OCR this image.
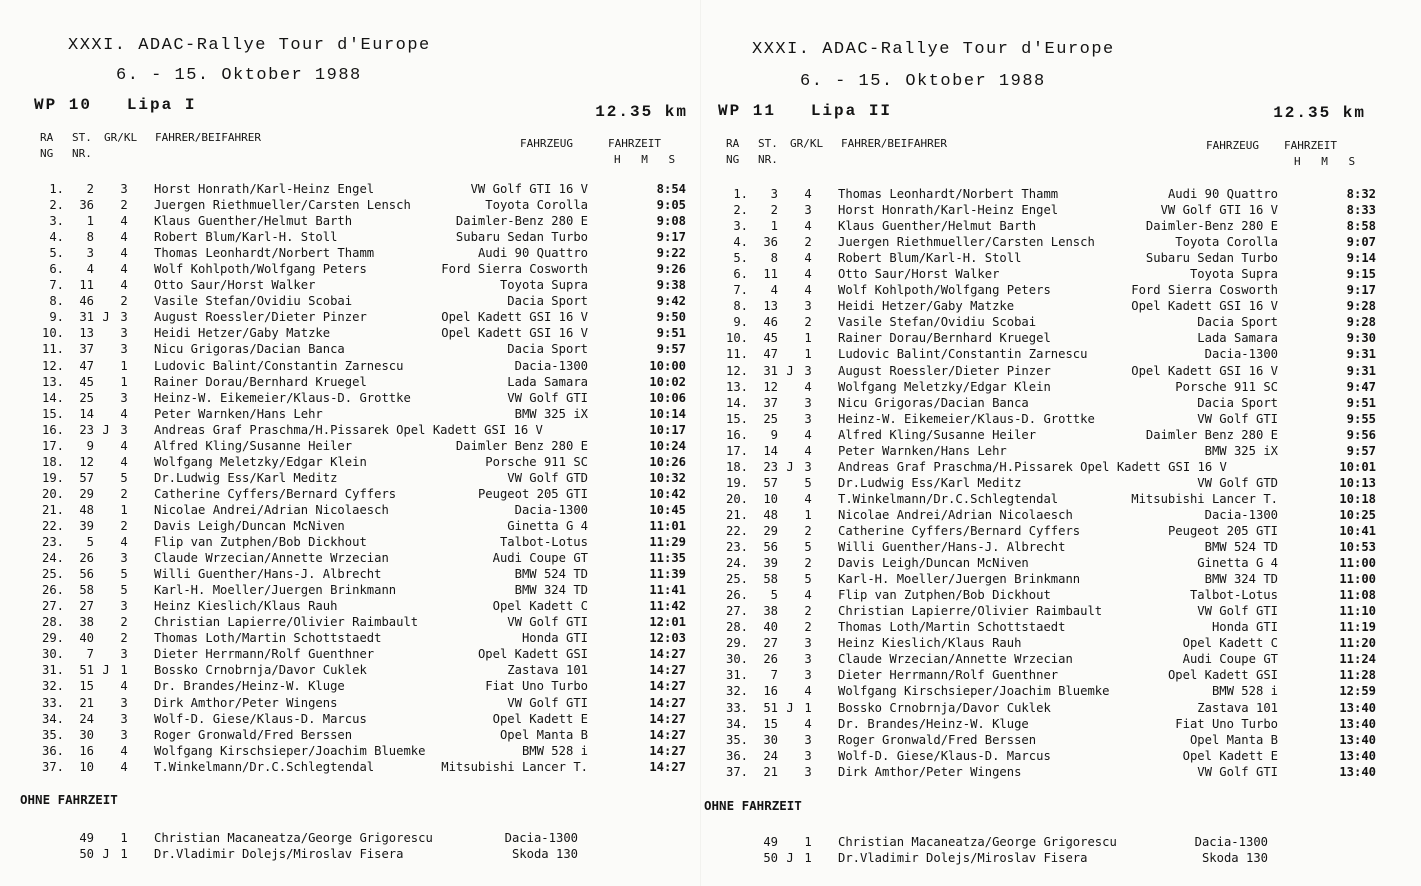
XXXI. ADAC-Rallye Tour d'Europe
6. - 15. Oktober 1988
WP 10   Lipa I	12.35 km
RA
NG
ST.
NR.
GR/KL FAHRER/BEIFAHRER	FAHRZEUG	FAHRZEIT
H M S
1.	2 3 Horst Honrath/Karl-Heinz Engel	VW Golf GTI 16 V	8:54
2.	36 2 Juergen Riethmueller/Carsten Lensch	Toyota Corolla	9:05
3.	1 4 Klaus Guenther/Helmut Barth	Daimler-Benz 280 E	9:08
4.	8 4 Robert Blum/Karl-H. Stoll	Subaru Sedan Turbo	9:17
5.	3 4 Thomas Leonhardt/Norbert Thamm	Audi 90 Quattro	9:22
6.	4 4 Wolf Kohlpoth/Wolfgang Peters	Ford Sierra Cosworth	9:26
7.	11 4 Otto Saur/Horst Walker	Toyota Supra	9:38
8.	46 2 Vasile Stefan/Ovidiu Scobai	Dacia Sport	9:42
9.	31 J 3 August Roessler/Dieter Pinzer	Opel Kadett GSI 16 V	9:50
10.	13 3 Heidi Hetzer/Gaby Matzke	Opel Kadett GSI 16 V	9:51
11.	37 3 Nicu Grigoras/Dacian Banca	Dacia Sport	9:57
12.	47 1 Ludovic Balint/Constantin Zarnescu	Dacia-1300	10:00
13.	45 1 Rainer Dorau/Bernhard Kruegel	Lada Samara	10:02
14.	25 3 Heinz-W. Eikemeier/Klaus-D. Grottke	VW Golf GTI	10:06
15.	14 4 Peter Warnken/Hans Lehr	BMW 325 iX	10:14
16.	23 J 3 Andreas Graf Praschma/H.Pissarek Opel Kadett GSI 16 V	10:17
17.	9 4 Alfred Kling/Susanne Heiler	Daimler Benz 280 E	10:24
18.	12 4 Wolfgang Meletzky/Edgar Klein	Porsche 911 SC	10:26
19.	57 5 Dr.Ludwig Ess/Karl Meditz	VW Golf GTD	10:32
20.	29 2 Catherine Cyffers/Bernard Cyffers	Peugeot 205 GTI	10:42
21.	48 1 Nicolae Andrei/Adrian Nicolaesch	Dacia-1300	10:45
22.	39 2 Davis Leigh/Duncan McNiven	Ginetta G 4	11:01
23.	5 4 Flip van Zutphen/Bob Dickhout	Talbot-Lotus	11:29
24.	26 3 Claude Wrzecian/Annette Wrzecian	Audi Coupe GT	11:35
25.	56 5 Willi Guenther/Hans-J. Albrecht	BMW 524 TD	11:39
26.	58 5 Karl-H. Moeller/Juergen Brinkmann	BMW 324 TD	11:41
27.	27 3 Heinz Kieslich/Klaus Rauh	Opel Kadett C	11:42
28.	38 2 Christian Lapierre/Olivier Raimbault	VW Golf GTI	12:01
29.	40 2 Thomas Loth/Martin Schottstaedt	Honda GTI	12:03
30.	7 3 Dieter Herrmann/Rolf Guenthner	Opel Kadett GSI	14:27
31.	51 J 1 Bossko Crnobrnja/Davor Cuklek	Zastava 101	14:27
32.	15 4 Dr. Brandes/Heinz-W. Kluge	Fiat Uno Turbo	14:27
33.	21 3 Dirk Amthor/Peter Wingens	VW Golf GTI	14:27
34.	24 3 Wolf-D. Giese/Klaus-D. Marcus	Opel Kadett E	14:27
35.	30 3 Roger Gronwald/Fred Berssen	Opel Manta B	14:27
36.	16 4 Wolfgang Kirschsieper/Joachim Bluemke	BMW 528 i	14:27
37.	10 4 T.Winkelmann/Dr.C.Schlegtendal	Mitsubishi Lancer T.	14:27
OHNE FAHRZEIT
49 1 Christian Macaneatza/George Grigorescu	Dacia-1300
50 J 1 Dr.Vladimir Dolejs/Miroslav Fisera	Skoda 130
XXXI. ADAC-Rallye Tour d'Europe
6. - 15. Oktober 1988
WP 11   Lipa II	12.35 km
RA
NG
ST.
NR.
GR/KL FAHRER/BEIFAHRER	FAHRZEUG FAHRZEIT
H M S
1.	3 4 Thomas Leonhardt/Norbert Thamm	Audi 90 Quattro	8:32
2.	2 3 Horst Honrath/Karl-Heinz Engel	VW Golf GTI 16 V	8:33
3.	1 4 Klaus Guenther/Helmut Barth	Daimler-Benz 280 E	8:58
4.	36 2 Juergen Riethmueller/Carsten Lensch	Toyota Corolla	9:07
5.	8 4 Robert Blum/Karl-H. Stoll	Subaru Sedan Turbo	9:14
6.	11 4 Otto Saur/Horst Walker	Toyota Supra	9:15
7.	4 4 Wolf Kohlpoth/Wolfgang Peters	Ford Sierra Cosworth	9:17
8.	13 3 Heidi Hetzer/Gaby Matzke	Opel Kadett GSI 16 V	9:28
9.	46 2 Vasile Stefan/Ovidiu Scobai	Dacia Sport	9:28
10.	45 1 Rainer Dorau/Bernhard Kruegel	Lada Samara	9:30
11.	47 1 Ludovic Balint/Constantin Zarnescu	Dacia-1300	9:31
12.	31 J 3 August Roessler/Dieter Pinzer	Opel Kadett GSI 16 V	9:31
13.	12 4 Wolfgang Meletzky/Edgar Klein	Porsche 911 SC	9:47
14.	37 3 Nicu Grigoras/Dacian Banca	Dacia Sport	9:51
15.	25 3 Heinz-W. Eikemeier/Klaus-D. Grottke	VW Golf GTI	9:55
16.	9 4 Alfred Kling/Susanne Heiler	Daimler Benz 280 E	9:56
17.	14 4 Peter Warnken/Hans Lehr	BMW 325 iX	9:57
18.	23 J 3 Andreas Graf Praschma/H.Pissarek Opel Kadett GSI 16 V	10:01
19.	57 5 Dr.Ludwig Ess/Karl Meditz	VW Golf GTD	10:13
20.	10 4 T.Winkelmann/Dr.C.Schlegtendal	Mitsubishi Lancer T.	10:18
21.	48 1 Nicolae Andrei/Adrian Nicolaesch	Dacia-1300	10:25
22.	29 2 Catherine Cyffers/Bernard Cyffers	Peugeot 205 GTI	10:41
23.	56 5 Willi Guenther/Hans-J. Albrecht	BMW 524 TD	10:53
24.	39 2 Davis Leigh/Duncan McNiven	Ginetta G 4	11:00
25.	58 5 Karl-H. Moeller/Juergen Brinkmann	BMW 324 TD	11:00
26.	5 4 Flip van Zutphen/Bob Dickhout	Talbot-Lotus	11:08
27.	38 2 Christian Lapierre/Olivier Raimbault	VW Golf GTI	11:10
28.	40 2 Thomas Loth/Martin Schottstaedt	Honda GTI	11:19
29.	27 3 Heinz Kieslich/Klaus Rauh	Opel Kadett C	11:20
30.	26 3 Claude Wrzecian/Annette Wrzecian	Audi Coupe GT	11:24
31.	7 3 Dieter Herrmann/Rolf Guenthner	Opel Kadett GSI	11:28
32.	16 4 Wolfgang Kirschsieper/Joachim Bluemke	BMW 528 i	12:59
33.	51 J 1 Bossko Crnobrnja/Davor Cuklek	Zastava 101	13:40
34.	15 4 Dr. Brandes/Heinz-W. Kluge	Fiat Uno Turbo	13:40
35.	30 3 Roger Gronwald/Fred Berssen	Opel Manta B	13:40
36.	24 3 Wolf-D. Giese/Klaus-D. Marcus	Opel Kadett E	13:40
37.	21 3 Dirk Amthor/Peter Wingens	VW Golf GTI	13:40
OHNE FAHRZEIT
49 1 Christian Macaneatza/George Grigorescu	Dacia-1300
50 J 1 Dr.Vladimir Dolejs/Miroslav Fisera	Skoda 130
